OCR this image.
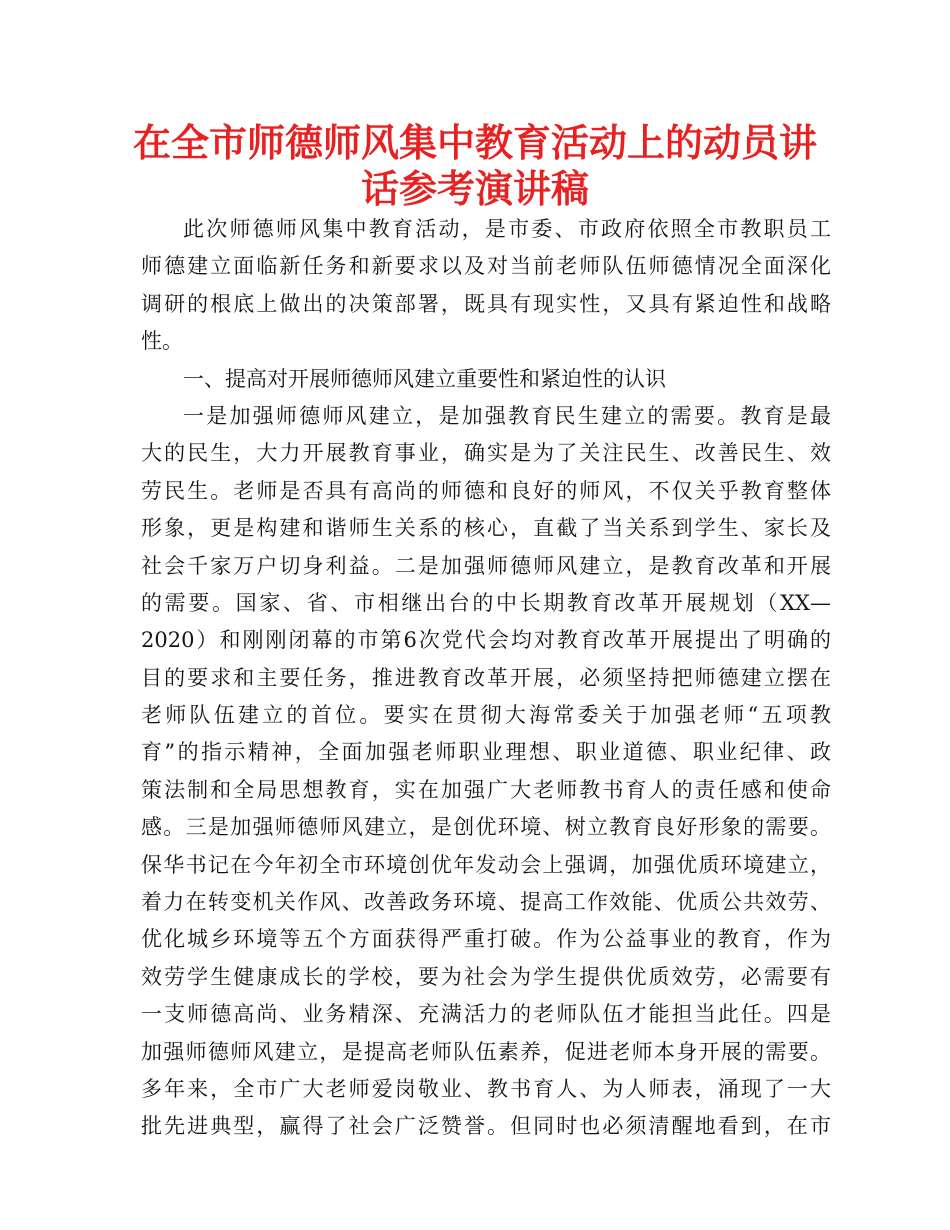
在全市师德师风集中教育活动上的动员讲
话参考演讲稿
此次师德师风集中教育活动，是市委、市政府依照全市教职员工
师德建立面临新任务和新要求以及对当前老师队伍师德情况全面深化
调研的根底上做出的决策部署，既具有现实性，又具有紧迫性和战略
性。
一、提高对开展师德师风建立重要性和紧迫性的认识
一是加强师德师风建立，是加强教育民生建立的需要。教育是最
大的民生，大力开展教育事业，确实是为了关注民生、改善民生、效
劳民生。老师是否具有高尚的师德和良好的师风，不仅关乎教育整体
形象，更是构建和谐师生关系的核心，直截了当关系到学生、家长及
社会千家万户切身利益。二是加强师德师风建立，是教育改革和开展
的需要。国家、省、市相继出台的中长期教育改革开展规划（XX—
2020）和刚刚闭幕的市第6次党代会均对教育改革开展提出了明确的
目的要求和主要任务，推进教育改革开展，必须坚持把师德建立摆在
老师队伍建立的首位。要实在贯彻大海常委关于加强老师“五项教
育”的指示精神，全面加强老师职业理想、职业道德、职业纪律、政
策法制和全局思想教育，实在加强广大老师教书育人的责任感和使命
感。三是加强师德师风建立，是创优环境、树立教育良好形象的需要。
保华书记在今年初全市环境创优年发动会上强调，加强优质环境建立，
着力在转变机关作风、改善政务环境、提高工作效能、优质公共效劳、
优化城乡环境等五个方面获得严重打破。作为公益事业的教育，作为
效劳学生健康成长的学校，要为社会为学生提供优质效劳，必需要有
一支师德高尚、业务精深、充满活力的老师队伍才能担当此任。四是
加强师德师风建立，是提高老师队伍素养，促进老师本身开展的需要。
多年来，全市广大老师爱岗敬业、教书育人、为人师表，涌现了一大
批先进典型，赢得了社会广泛赞誉。但同时也必须清醒地看到，在市
